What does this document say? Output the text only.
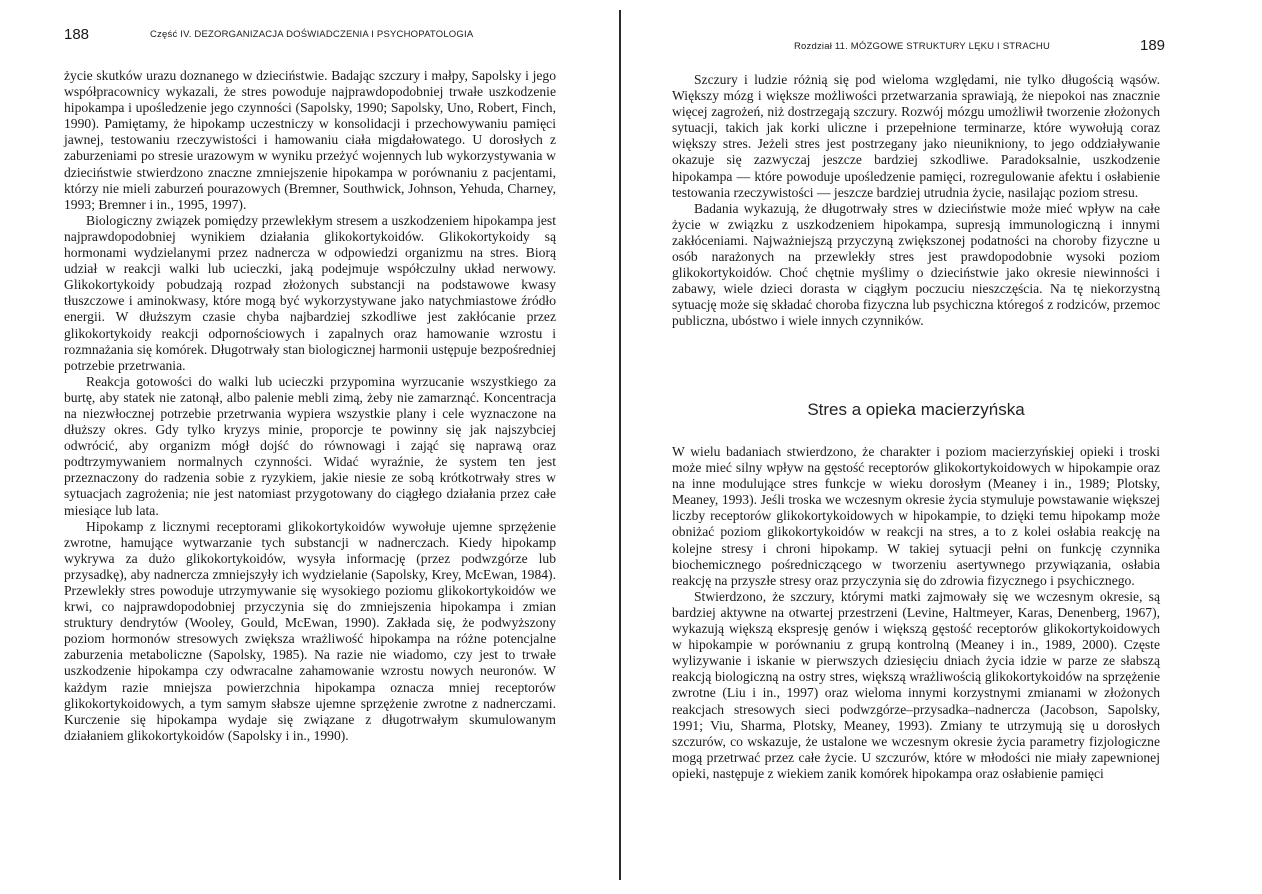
188	Część IV. DEZORGANIZACJA DOŚWIADCZENIA I PSYCHOPATOLOGIA
Rozdział 11. MÓZGOWE STRUKTURY LĘKU I STRACHU	189

życie skutków urazu doznanego w dzieciństwie. Badając szczury i małpy, Sapolsky i jego współpracownicy wykazali, że stres powoduje najprawdopodobniej trwałe uszkodzenie hipokampa i upośledzenie jego czynności (Sapolsky, 1990; Sapolsky, Uno, Robert, Finch, 1990). Pamiętamy, że hipokamp uczestniczy w konsolidacji i przechowywaniu pamięci jawnej, testowaniu rzeczywistości i hamowaniu ciała migdałowatego. U dorosłych z zaburzeniami po stresie urazowym w wyniku przeżyć wojennych lub wykorzystywania w dzieciństwie stwierdzono znaczne zmniejszenie hipokampa w porównaniu z pacjentami, którzy nie mieli zaburzeń pourazowych (Bremner, Southwick, Johnson, Yehuda, Charney, 1993; Bremner i in., 1995, 1997).

Biologiczny związek pomiędzy przewlekłym stresem a uszkodzeniem hipokampa jest najprawdopodobniej wynikiem działania glikokortykoidów. Glikokortykoidy są hormonami wydzielanymi przez nadnercza w odpowiedzi organizmu na stres. Biorą udział w reakcji walki lub ucieczki, jaką podejmuje współczulny układ nerwowy. Glikokortykoidy pobudzają rozpad złożonych substancji na podstawowe kwasy tłuszczowe i aminokwasy, które mogą być wykorzystywane jako natychmiastowe źródło energii. W dłuższym czasie chyba najbardziej szkodliwe jest zakłócanie przez glikokortykoidy reakcji odpornościowych i zapalnych oraz hamowanie wzrostu i rozmnażania się komórek. Długotrwały stan biologicznej harmonii ustępuje bezpośredniej potrzebie przetrwania.

Reakcja gotowości do walki lub ucieczki przypomina wyrzucanie wszystkiego za burtę, aby statek nie zatonął, albo palenie mebli zimą, żeby nie zamarznąć. Koncentracja na niezwłocznej potrzebie przetrwania wypiera wszystkie plany i cele wyznaczone na dłuższy okres. Gdy tylko kryzys minie, proporcje te powinny się jak najszybciej odwrócić, aby organizm mógł dojść do równowagi i zająć się naprawą oraz podtrzymywaniem normalnych czynności. Widać wyraźnie, że system ten jest przeznaczony do radzenia sobie z ryzykiem, jakie niesie ze sobą krótkotrwały stres w sytuacjach zagrożenia; nie jest natomiast przygotowany do ciągłego działania przez całe miesiące lub lata.

Hipokamp z licznymi receptorami glikokortykoidów wywołuje ujemne sprzężenie zwrotne, hamujące wytwarzanie tych substancji w nadnerczach. Kiedy hipokamp wykrywa za dużo glikokortykoidów, wysyła informację (przez podwzgórze lub przysadkę), aby nadnercza zmniejszyły ich wydzielanie (Sapolsky, Krey, McEwan, 1984). Przewlekły stres powoduje utrzymywanie się wysokiego poziomu glikokortykoidów we krwi, co najprawdopodobniej przyczynia się do zmniejszenia hipokampa i zmian struktury dendrytów (Wooley, Gould, McEwan, 1990). Zakłada się, że podwyższony poziom hormonów stresowych zwiększa wrażliwość hipokampa na różne potencjalne zaburzenia metaboliczne (Sapolsky, 1985). Na razie nie wiadomo, czy jest to trwałe uszkodzenie hipokampa czy odwracalne zahamowanie wzrostu nowych neuronów. W każdym razie mniejsza powierzchnia hipokampa oznacza mniej receptorów glikokortykoidowych, a tym samym słabsze ujemne sprzężenie zwrotne z nadnerczami. Kurczenie się hipokampa wydaje się związane z długotrwałym skumulowanym działaniem glikokortykoidów (Sapolsky i in., 1990).

Szczury i ludzie różnią się pod wieloma względami, nie tylko długością wąsów. Większy mózg i większe możliwości przetwarzania sprawiają, że niepokoi nas znacznie więcej zagrożeń, niż dostrzegają szczury. Rozwój mózgu umożliwił tworzenie złożonych sytuacji, takich jak korki uliczne i przepełnione terminarze, które wywołują coraz większy stres. Jeżeli stres jest postrzegany jako nieunikniony, to jego oddziaływanie okazuje się zazwyczaj jeszcze bardziej szkodliwe. Paradoksalnie, uszkodzenie hipokampa — które powoduje upośledzenie pamięci, rozregulowanie afektu i osłabienie testowania rzeczywistości — jeszcze bardziej utrudnia życie, nasilając poziom stresu.

Badania wykazują, że długotrwały stres w dzieciństwie może mieć wpływ na całe życie w związku z uszkodzeniem hipokampa, supresją immunologiczną i innymi zakłóceniami. Najważniejszą przyczyną zwiększonej podatności na choroby fizyczne u osób narażonych na przewlekły stres jest prawdopodobnie wysoki poziom glikokortykoidów. Choć chętnie myślimy o dzieciństwie jako okresie niewinności i zabawy, wiele dzieci dorasta w ciągłym poczuciu nieszczęścia. Na tę niekorzystną sytuację może się składać choroba fizyczna lub psychiczna któregoś z rodziców, przemoc publiczna, ubóstwo i wiele innych czynników.

Stres a opieka macierzyńska

W wielu badaniach stwierdzono, że charakter i poziom macierzyńskiej opieki i troski może mieć silny wpływ na gęstość receptorów glikokortykoidowych w hipokampie oraz na inne modulujące stres funkcje w wieku dorosłym (Meaney i in., 1989; Plotsky, Meaney, 1993). Jeśli troska we wczesnym okresie życia stymuluje powstawanie większej liczby receptorów glikokortykoidowych w hipokampie, to dzięki temu hipokamp może obniżać poziom glikokortykoidów w reakcji na stres, a to z kolei osłabia reakcję na kolejne stresy i chroni hipokamp. W takiej sytuacji pełni on funkcję czynnika biochemicznego pośredniczącego w tworzeniu asertywnego przywiązania, osłabia reakcję na przyszłe stresy oraz przyczynia się do zdrowia fizycznego i psychicznego.

Stwierdzono, że szczury, którymi matki zajmowały się we wczesnym okresie, są bardziej aktywne na otwartej przestrzeni (Levine, Haltmeyer, Karas, Denenberg, 1967), wykazują większą ekspresję genów i większą gęstość receptorów glikokortykoidowych w hipokampie w porównaniu z grupą kontrolną (Meaney i in., 1989, 2000). Częste wylizywanie i iskanie w pierwszych dziesięciu dniach życia idzie w parze ze słabszą reakcją biologiczną na ostry stres, większą wrażliwością glikokortykoidów na sprzężenie zwrotne (Liu i in., 1997) oraz wieloma innymi korzystnymi zmianami w złożonych reakcjach stresowych sieci podwzgórze–przysadka–nadnercza (Jacobson, Sapolsky, 1991; Viu, Sharma, Plotsky, Meaney, 1993). Zmiany te utrzymują się u dorosłych szczurów, co wskazuje, że ustalone we wczesnym okresie życia parametry fizjologiczne mogą przetrwać przez całe życie. U szczurów, które w młodości nie miały zapewnionej opieki, następuje z wiekiem zanik komórek hipokampa oraz osłabienie pamięci
